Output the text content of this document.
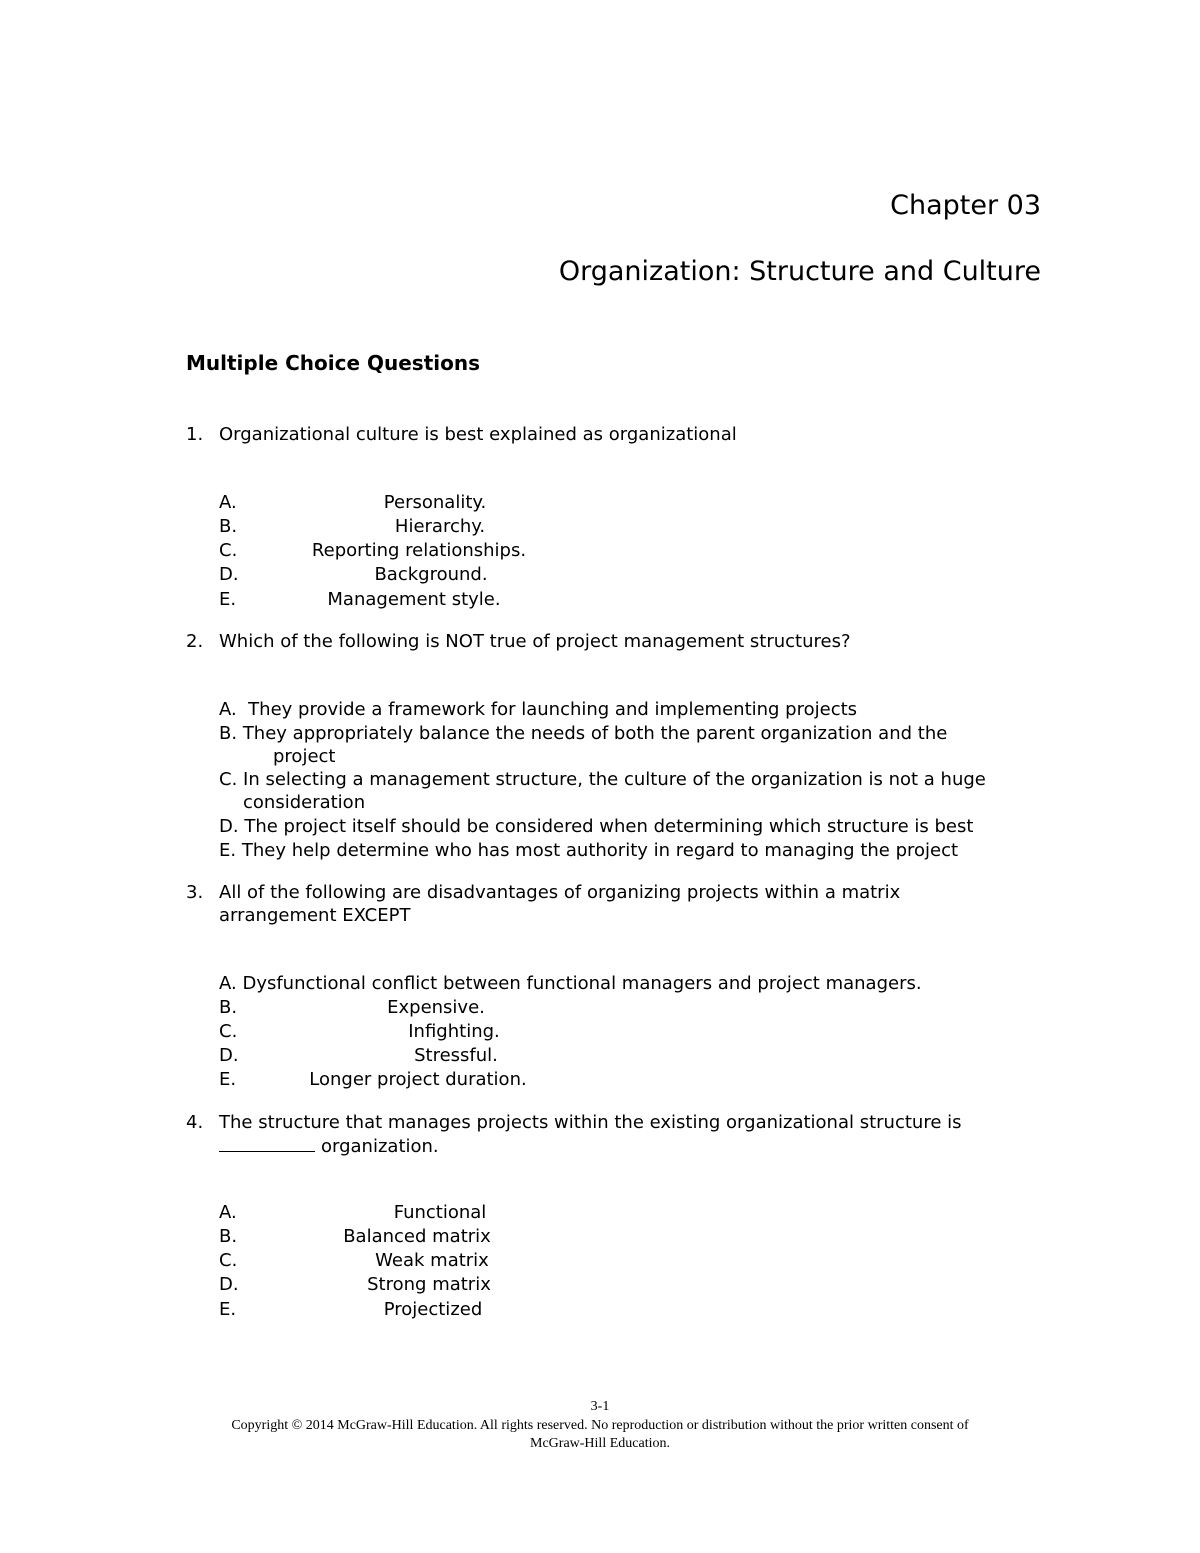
Chapter 03
Organization: Structure and Culture
Multiple Choice Questions
1. Organizational culture is best explained as organizational
A.	Personality.
B.	Hierarchy.
C.	Reporting relationships.
D.	Background.
E.	Management style.
2. Which of the following is NOT true of project management structures?
A. They provide a framework for launching and implementing projects
B. They appropriately balance the needs of both the parent organization and the
project
C. In selecting a management structure, the culture of the organization is not a huge
consideration
D. The project itself should be considered when determining which structure is best
E. They help determine who has most authority in regard to managing the project
3. All of the following are disadvantages of organizing projects within a matrix arrangement EXCEPT
A. Dysfunctional conflict between functional managers and project managers.
B.	Expensive.
C.	Infighting.
D.	Stressful.
E.	Longer project duration.
4. The structure that manages projects within the existing organizational structure is
organization.
A.	Functional
B.	Balanced matrix
C.	Weak matrix
D.	Strong matrix
E.	Projectized
3-1
Copyright © 2014 McGraw-Hill Education. All rights reserved. No reproduction or distribution without the prior written consent of
McGraw-Hill Education.
